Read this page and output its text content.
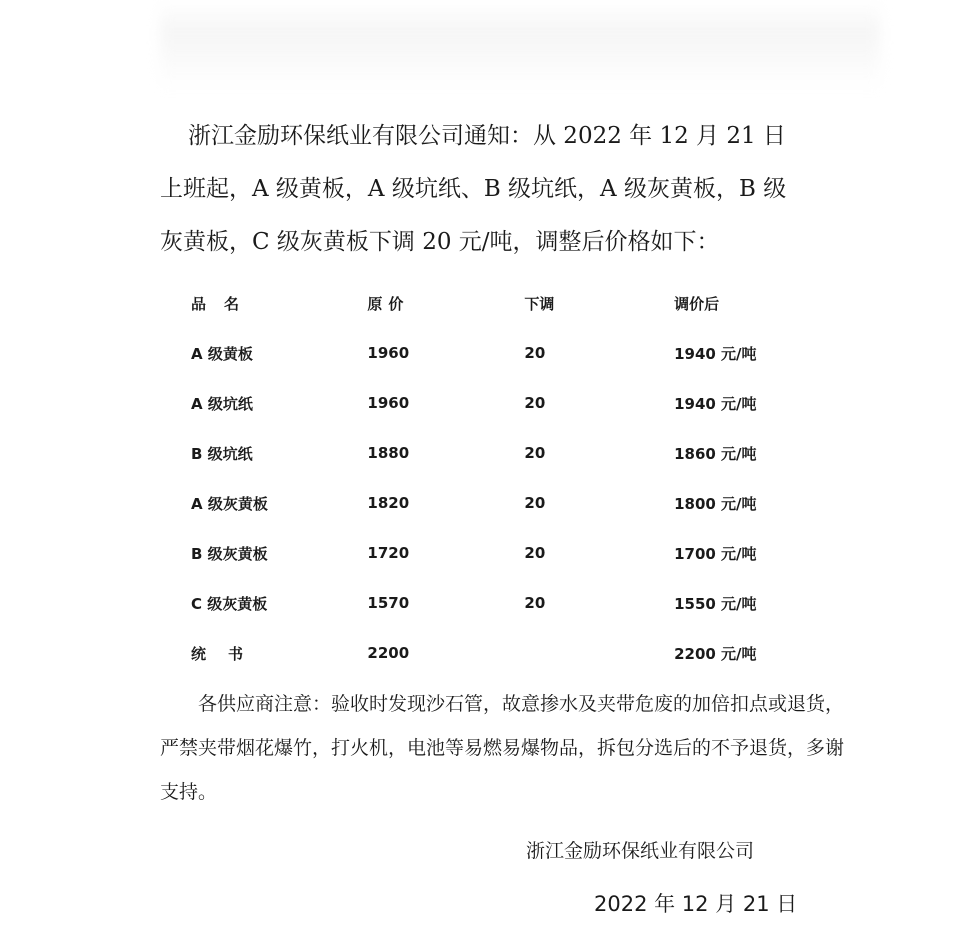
浙江金励环保纸业有限公司通知：从 2022 年 12 月 21 日
上班起，A 级黄板，A 级坑纸、B 级坑纸，A 级灰黄板，B 级
灰黄板，C 级灰黄板下调 20 元/吨，调整后价格如下：
品名	原价	下调	调价后
A 级黄板	1960	20	1940 元/吨
A 级坑纸	1960	20	1940 元/吨
B 级坑纸	1880	20	1860 元/吨
A 级灰黄板	1820	20	1800 元/吨
B 级灰黄板	1720	20	1700 元/吨
C 级灰黄板	1570	20	1550 元/吨
统书	2200		2200 元/吨
各供应商注意：验收时发现沙石管，故意掺水及夹带危废的加倍扣点或退货，严禁夹带烟花爆竹，打火机，电池等易燃易爆物品，拆包分选后的不予退货，多谢支持。
浙江金励环保纸业有限公司
2022 年 12 月 21 日
